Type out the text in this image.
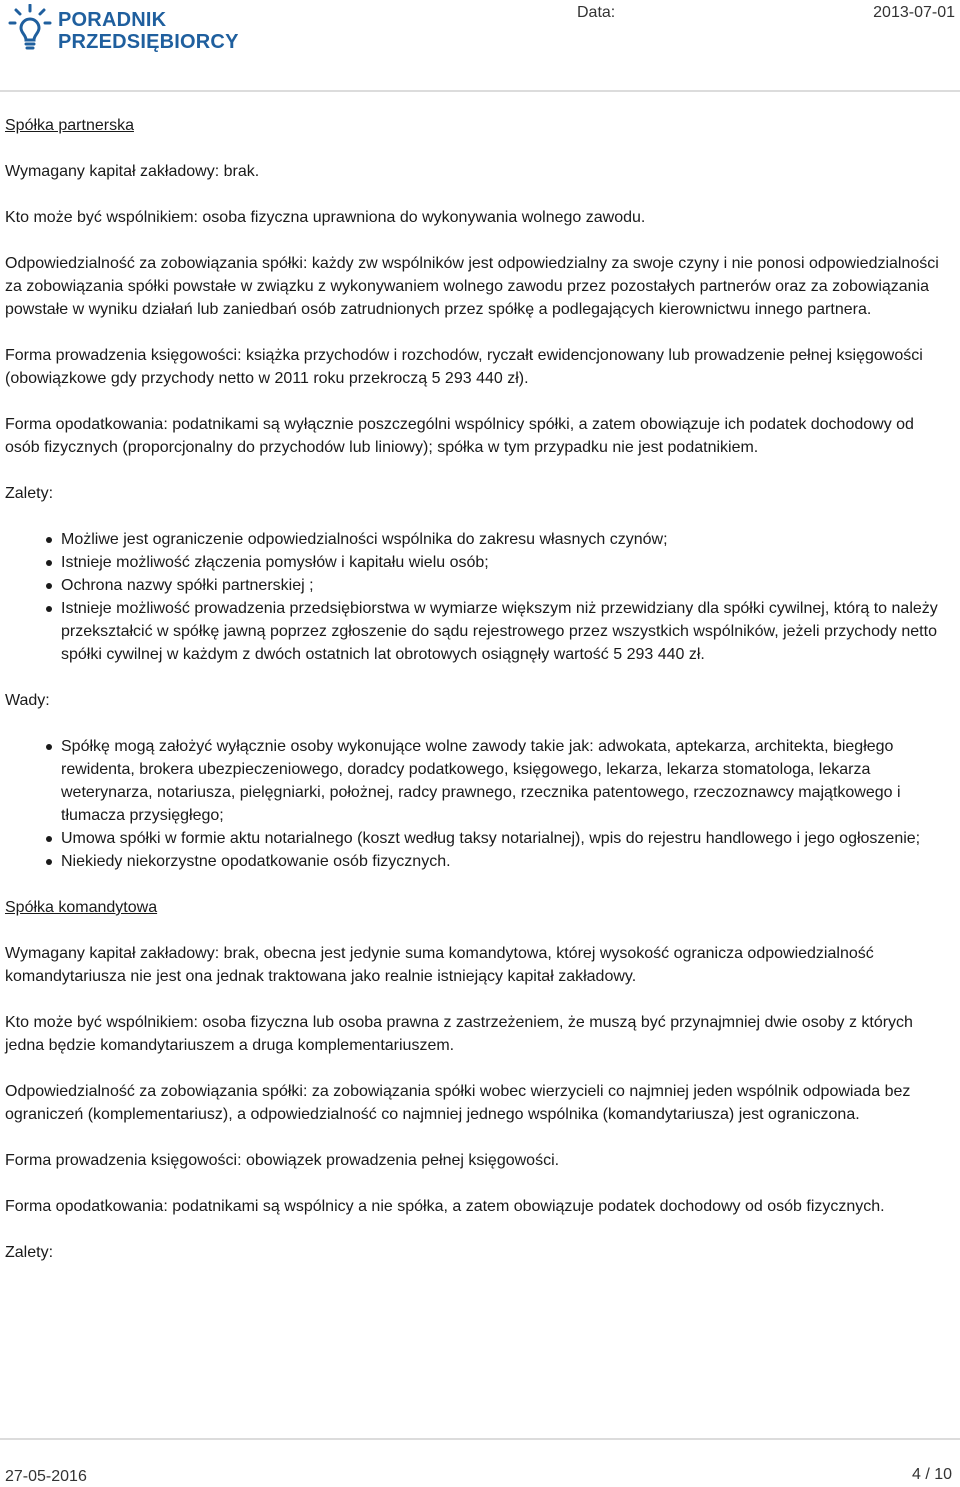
PORADNIK
PRZEDSIĘBIORCY
Data:	2013-07-01

Spółka partnerska

Wymagany kapitał zakładowy: brak.

Kto może być wspólnikiem: osoba fizyczna uprawniona do wykonywania wolnego zawodu.

Odpowiedzialność za zobowiązania spółki: każdy zw wspólników jest odpowiedzialny za swoje czyny i nie ponosi odpowiedzialności za zobowiązania spółki powstałe w związku z wykonywaniem wolnego zawodu przez pozostałych partnerów oraz za zobowiązania powstałe w wyniku działań lub zaniedbań osób zatrudnionych przez spółkę a podlegających kierownictwu innego partnera.

Forma prowadzenia księgowości: książka przychodów i rozchodów, ryczałt ewidencjonowany lub prowadzenie pełnej księgowości (obowiązkowe gdy przychody netto w 2011 roku przekroczą 5 293 440 zł).

Forma opodatkowania: podatnikami są wyłącznie poszczególni wspólnicy spółki, a zatem obowiązuje ich podatek dochodowy od osób fizycznych (proporcjonalny do przychodów lub liniowy); spółka w tym przypadku nie jest podatnikiem.

Zalety:

Możliwe jest ograniczenie odpowiedzialności wspólnika do zakresu własnych czynów;
Istnieje możliwość złączenia pomysłów i kapitału wielu osób;
Ochrona nazwy spółki partnerskiej ;
Istnieje możliwość prowadzenia przedsiębiorstwa w wymiarze większym niż przewidziany dla spółki cywilnej, którą to należy przekształcić w spółkę jawną poprzez zgłoszenie do sądu rejestrowego przez wszystkich wspólników, jeżeli przychody netto spółki cywilnej w każdym z dwóch ostatnich lat obrotowych osiągnęły wartość 5 293 440 zł.

Wady:

Spółkę mogą założyć wyłącznie osoby wykonujące wolne zawody takie jak: adwokata, aptekarza, architekta, biegłego rewidenta, brokera ubezpieczeniowego, doradcy podatkowego, księgowego, lekarza, lekarza stomatologa, lekarza weterynarza, notariusza, pielęgniarki, położnej, radcy prawnego, rzecznika patentowego, rzeczoznawcy majątkowego i tłumacza przysięgłego;
Umowa spółki w formie aktu notarialnego (koszt według taksy notarialnej), wpis do rejestru handlowego i jego ogłoszenie;
Niekiedy niekorzystne opodatkowanie osób fizycznych.

Spółka komandytowa

Wymagany kapitał zakładowy: brak, obecna jest jedynie suma komandytowa, której wysokość ogranicza odpowiedzialność komandytariusza nie jest ona jednak traktowana jako realnie istniejący kapitał zakładowy.

Kto może być wspólnikiem: osoba fizyczna lub osoba prawna z zastrzeżeniem, że muszą być przynajmniej dwie osoby z których jedna będzie komandytariuszem a druga komplementariuszem.

Odpowiedzialność za zobowiązania spółki: za zobowiązania spółki wobec wierzycieli co najmniej jeden wspólnik odpowiada bez ograniczeń (komplementariusz), a odpowiedzialność co najmniej jednego wspólnika (komandytariusza) jest ograniczona.

Forma prowadzenia księgowości: obowiązek prowadzenia pełnej księgowości.

Forma opodatkowania: podatnikami są wspólnicy a nie spółka, a zatem obowiązuje podatek dochodowy od osób fizycznych.

Zalety:

27-05-2016	4 / 10
